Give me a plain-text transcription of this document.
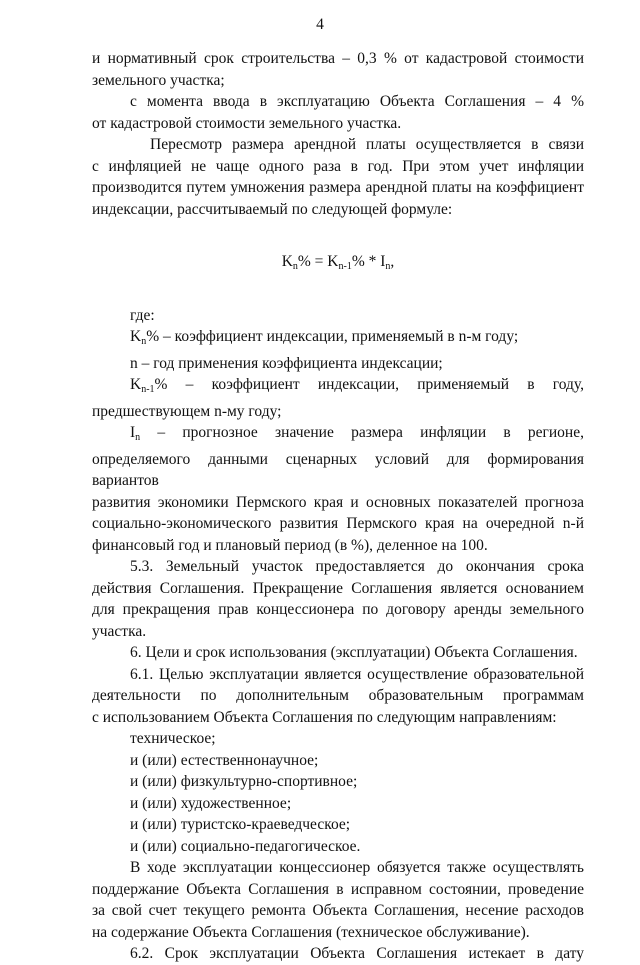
4

и нормативный срок строительства – 0,3 % от кадастровой стоимости

земельного участка;

с момента ввода в эксплуатацию Объекта Соглашения – 4 %

от кадастровой стоимости земельного участка.

Пересмотр размера арендной платы осуществляется в связи

с инфляцией не чаще одного раза в год. При этом учет инфляции

производится путем умножения размера арендной платы на коэффициент

индексации, рассчитываемый по следующей формуле:

$K_n\% = K_{n-1}\% * I_n$,

где:

$K_n\%$ – коэффициент индексации, применяемый в n-м году;

n – год применения коэффициента индексации;

$K_{n-1}\%$ – коэффициент индексации, применяемый в году,

предшествующем n-му году;

$I_n$ – прогнозное значение размера инфляции в регионе,

определяемого данными сценарных условий для формирования вариантов

развития экономики Пермского края и основных показателей прогноза

социально-экономического развития Пермского края на очередной n-й

финансовый год и плановый период (в %), деленное на 100.

5.3. Земельный участок предоставляется до окончания срока

действия Соглашения. Прекращение Соглашения является основанием

для прекращения прав концессионера по договору аренды земельного

участка.

6. Цели и срок использования (эксплуатации) Объекта Соглашения.

6.1. Целью эксплуатации является осуществление образовательной

деятельности по дополнительным образовательным программам

с использованием Объекта Соглашения по следующим направлениям:

техническое;

и (или) естественнонаучное;

и (или) физкультурно-спортивное;

и (или) художественное;

и (или) туристско-краеведческое;

и (или) социально-педагогическое.

В ходе эксплуатации концессионер обязуется также осуществлять

поддержание Объекта Соглашения в исправном состоянии, проведение

за свой счет текущего ремонта Объекта Соглашения, несение расходов

на содержание Объекта Соглашения (техническое обслуживание).

6.2. Срок эксплуатации Объекта Соглашения истекает в дату
